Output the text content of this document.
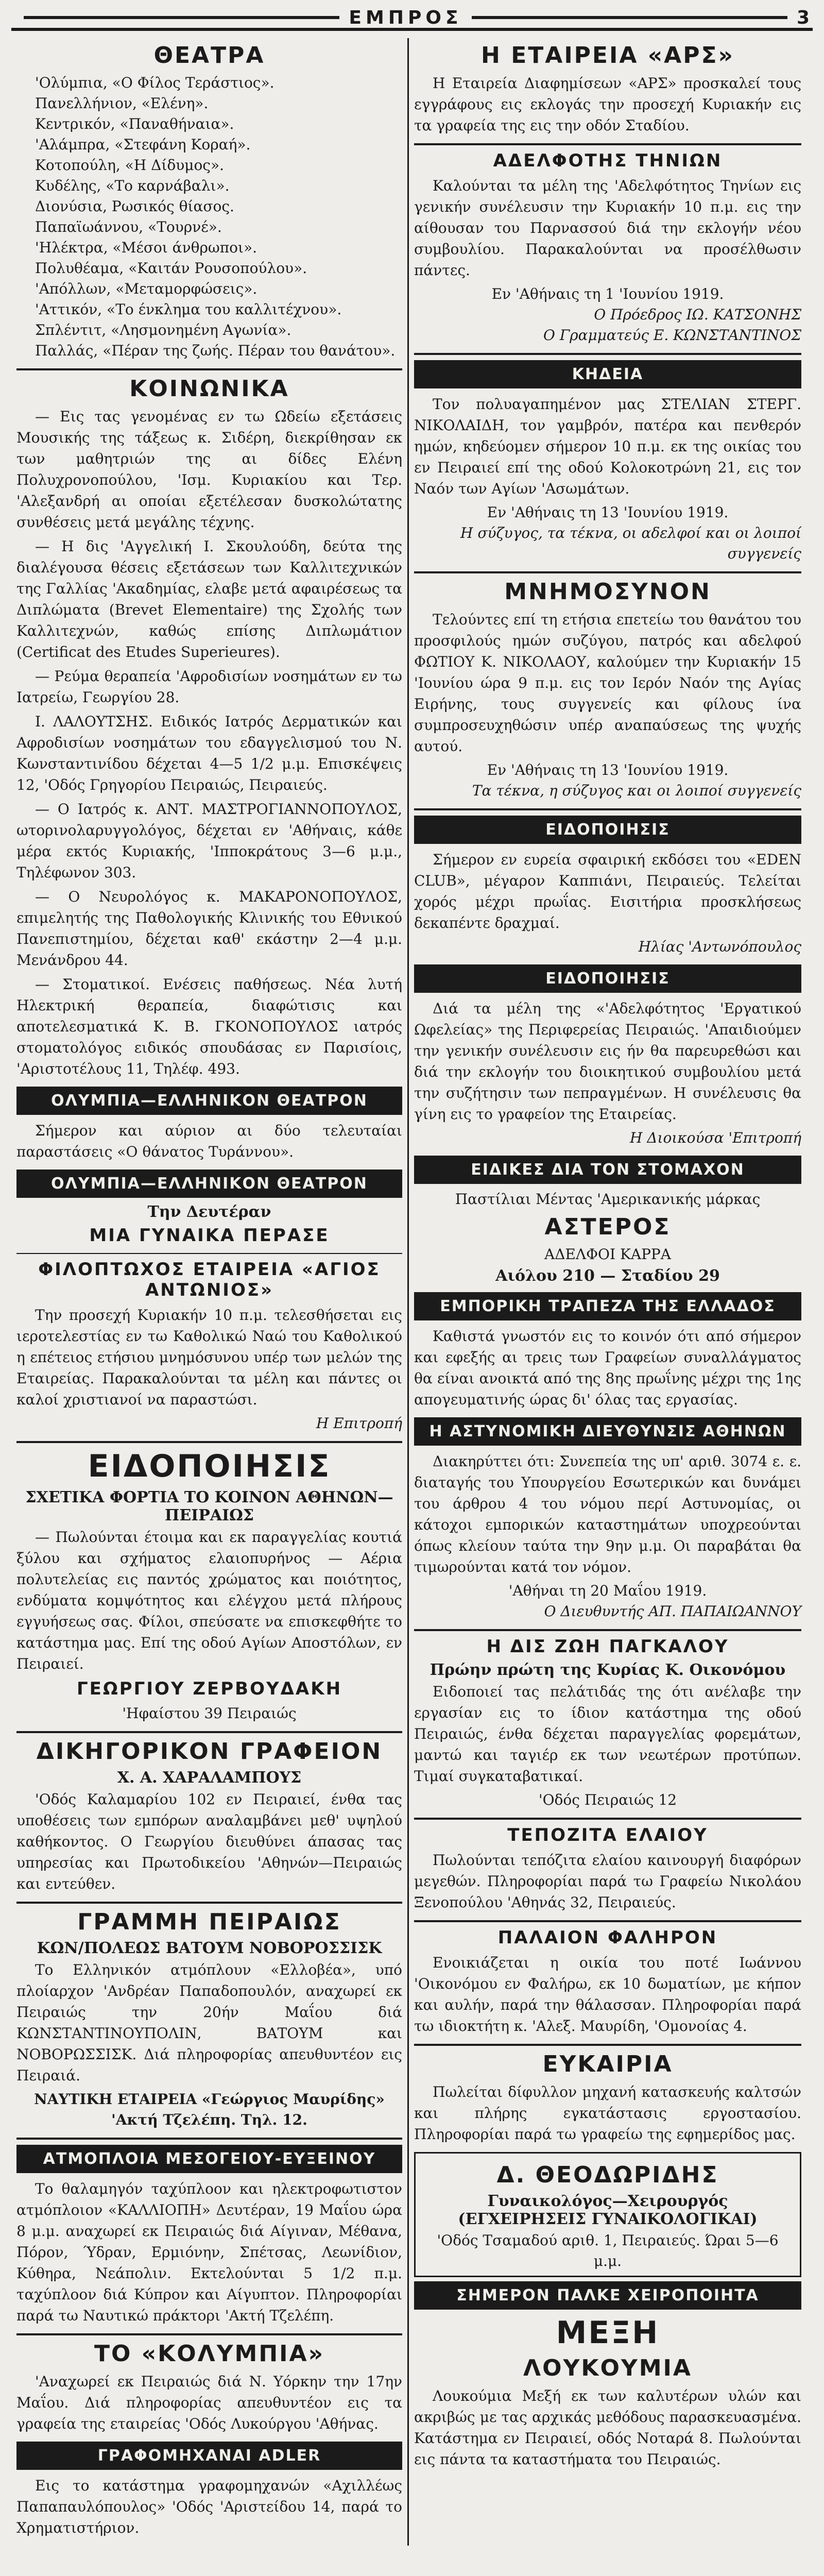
ΕΜΠΡΟΣ	3
ΘΕΑΤΡΑ
'Ολύμπια, «Ο Φίλος Τεράστιος».
Πανελλήνιον, «Ελένη».
Κεντρικόν, «Παναθήναια».
'Αλάμπρα, «Στεφάνη Κοραή».
Κοτοπούλη, «Η Δίδυμος».
Κυδέλης, «Το καρνάβαλι».
Διονύσια, Ρωσικός θίασος.
Παπαϊωάννου, «Τουρνέ».
'Ηλέκτρα, «Μέσοι άνθρωποι».
Πολυθέαμα, «Καιτάν Ρουσοπούλου».
'Απόλλων, «Μεταμορφώσεις».
'Αττικόν, «Το ένκλημα του καλλιτέχνου».
Σπλέντιτ, «Λησμονημένη Αγωνία».
Παλλάς, «Πέραν της ζωής. Πέραν του θανάτου».
ΚΟΙΝΩΝΙΚΑ

— Εις τας γενομένας εν τω Ωδείω εξετάσεις Μουσικής της τάξεως κ. Σιδέρη, διεκρίθησαν εκ των μαθητριών της αι δίδες Ελένη Πολυχρονοπούλου, 'Ισμ. Κυριακίου και Τερ. 'Αλεξανδρή αι οποίαι εξετέλεσαν δυσκολώτατης συνθέσεις μετά μεγάλης τέχνης.

— Η δις 'Αγγελική Ι. Σκουλούδη, δεύτα της διαλέγουσα θέσεις εξετάσεων των Καλλιτεχνικών της Γαλλίας 'Ακαδημίας, ελαβε μετά αφαιρέσεως τα Διπλώματα (Brevet Elementaire) της Σχολής των Καλλιτεχνών, καθώς επίσης Διπλωμάτιον (Certificat des Etudes Superieures).

— Ρεύμα θεραπεία 'Αφροδισίων νοσημάτων εν τω Ιατρείω, Γεωργίου 28.

Ι. ΛΑΛΟΥΤΣΗΣ. Ειδικός Ιατρός Δερματικών και Αφροδισίων νοσημάτων του εδαγγελισμού του Ν. Κωνσταντινίδου δέχεται 4—5 1/2 μ.μ. Επισκέψεις 12, 'Οδός Γρηγορίου Πειραιώς, Πειραιεύς.

— Ο Ιατρός κ. ΑΝΤ. ΜΑΣΤΡΟΓΙΑΝΝΟΠΟΥΛΟΣ, ωτορινολαρυγγολόγος, δέχεται εν 'Αθήναις, κάθε μέρα εκτός Κυριακής, 'Ιπποκράτους 3—6 μ.μ., Τηλέφωνον 303.

— Ο Νευρολόγος κ. ΜΑΚΑΡΟΝΟΠΟΥΛΟΣ, επιμελητής της Παθολογικής Κλινικής του Εθνικού Πανεπιστημίου, δέχεται καθ' εκάστην 2—4 μ.μ. Μενάνδρου 44.

— Στοματικοί. Ενέσεις παθήσεως. Νέα λυτή Ηλεκτρική θεραπεία, διαφώτισις και αποτελεσματικά Κ. Β. ΓΚΟΝΟΠΟΥΛΟΣ ιατρός στοματολόγος ειδικός σπουδάσας εν Παρισίοις, 'Αριστοτέλους 11, Τηλέφ. 493.

ΟΛΥΜΠΙΑ—ΕΛΛΗΝΙΚΟΝ ΘΕΑΤΡΟΝ

Σήμερον και αύριον αι δύο τελευταίαι παραστάσεις «Ο θάνατος Τυράννου».

ΟΛΥΜΠΙΑ—ΕΛΛΗΝΙΚΟΝ ΘΕΑΤΡΟΝ
Την Δευτέραν
ΜΙΑ ΓΥΝΑΙΚΑ ΠΕΡΑΣΕ
ΦΙΛΟΠΤΩΧΟΣ ΕΤΑΙΡΕΙΑ «ΑΓΙΟΣ ΑΝΤΩΝΙΟΣ»

Την προσεχή Κυριακήν 10 π.μ. τελεσθήσεται εις ιεροτελεστίας εν τω Καθολικώ Ναώ του Καθολικού η επέτειος ετήσιου μνημόσυνου υπέρ των μελών της Εταιρείας. Παρακαλούνται τα μέλη και πάντες οι καλοί χριστιανοί να παραστώσι.

Η Επιτροπή
ΕΙΔΟΠΟΙΗΣΙΣ
ΣΧΕΤΙΚΑ ΦΟΡΤΙΑ ΤΟ ΚΟΙΝΟΝ ΑΘΗΝΩΝ—ΠΕΙΡΑΙΩΣ

— Πωλούνται έτοιμα και εκ παραγγελίας κουτιά ξύλου και σχήματος ελαιοπυρήνος — Αέρια πολυτελείας εις παντός χρώματος και ποιότητος, ενδύματα κομψότητος και ελέγχου μετά πλήρους εγγυήσεως σας. Φίλοι, σπεύσατε να επισκεφθήτε το κατάστημα μας. Επί της οδού Αγίων Αποστόλων, εν Πειραιεί.

ΓΕΩΡΓΙΟΥ ΖΕΡΒΟΥΔΑΚΗ
'Ηφαίστου 39 Πειραιώς
ΔΙΚΗΓΟΡΙΚΟΝ ΓΡΑΦΕΙΟΝ
Χ. Α. ΧΑΡΑΛΑΜΠΟΥΣ

'Οδός Καλαμαρίου 102 εν Πειραιεί, ένθα τας υποθέσεις των εμπόρων αναλαμβάνει μεθ' υψηλού καθήκοντος. Ο Γεωργίου διευθύνει άπασας τας υπηρεσίας και Πρωτοδικείου 'Αθηνών—Πειραιώς και εντεύθεν.

ΓΡΑΜΜΗ ΠΕΙΡΑΙΩΣ
ΚΩΝ/ΠΟΛΕΩΣ ΒΑΤΟΥΜ ΝΟΒΟΡΟΣΣΙΣΚ

Το Ελληνικόν ατμόπλουν «Ελλοβέα», υπό πλοίαρχον 'Ανδρέαν Παπαδοπουλόν, αναχωρεί εκ Πειραιώς την 20ήν Μαΐου διά ΚΩΝΣΤΑΝΤΙΝΟΥΠΟΛΙΝ, ΒΑΤΟΥΜ και ΝΟΒΟΡΩΣΣΙΣΚ. Διά πληροφορίας απευθυντέον εις Πειραιά.

ΝΑΥΤΙΚΗ ΕΤΑΙΡΕΙΑ «Γεώργιος Μαυρίδης» 'Ακτή Τζελέπη. Τηλ. 12.
ΑΤΜΟΠΛΟΙΑ ΜΕΣΟΓΕΙΟΥ-ΕΥΞΕΙΝΟΥ

Το θαλαμηγόν ταχύπλοον και ηλεκτροφωτιστον ατμόπλοιον «ΚΑΛΛΙΟΠΗ» Δευτέραν, 19 Μαΐου ώρα 8 μ.μ. αναχωρεί εκ Πειραιώς διά Αίγιναν, Μέθανα, Πόρον, Ύδραν, Ερμιόνην, Σπέτσας, Λεωνίδιον, Κύθηρα, Νεάπολιν. Εκτελούνται 5 1/2 π.μ. ταχύπλοον διά Κύπρον και Αίγυπτον. Πληροφορίαι παρά τω Ναυτικώ πράκτορι 'Ακτή Τζελέπη.

ΤΟ «ΚΟΛΥΜΠΙΑ»

'Αναχωρεί εκ Πειραιώς διά Ν. Υόρκην την 17ην Μαΐου. Διά πληροφορίας απευθυντέον εις τα γραφεία της εταιρείας 'Οδός Λυκούργου 'Αθήνας.

ΓΡΑΦΟΜΗΧΑΝΑΙ ADLER

Εις το κατάστημα γραφομηχανών «Αχιλλέως Παπαπαυλόπουλος» 'Οδός 'Αριστείδου 14, παρά το Χρηματιστήριον.

Η ΕΤΑΙΡΕΙΑ «ΑΡΣ»

Η Εταιρεία Διαφημίσεων «ΑΡΣ» προσκαλεί τους εγγράφους εις εκλογάς την προσεχή Κυριακήν εις τα γραφεία της εις την οδόν Σταδίου.

ΑΔΕΛΦΟΤΗΣ ΤΗΝΙΩΝ

Καλούνται τα μέλη της 'Αδελφότητος Τηνίων εις γενικήν συνέλευσιν την Κυριακήν 10 π.μ. εις την αίθουσαν του Παρνασσού διά την εκλογήν νέου συμβουλίου. Παρακαλούνται να προσέλθωσιν πάντες.

Εν 'Αθήναις τη 1 'Ιουνίου 1919.
Ο Πρόεδρος ΙΩ. ΚΑΤΣΟΝΗΣ
Ο Γραμματεύς Ε. ΚΩΝΣΤΑΝΤΙΝΟΣ
ΚΗΔΕΙΑ

Τον πολυαγαπημένον μας ΣΤΕΛΙΑΝ ΣΤΕΡΓ. ΝΙΚΟΛΑΙΔΗ, τον γαμβρόν, πατέρα και πενθερόν ημών, κηδεύομεν σήμερον 10 π.μ. εκ της οικίας του εν Πειραιεί επί της οδού Κολοκοτρώνη 21, εις τον Ναόν των Αγίων 'Ασωμάτων.

Εν 'Αθήναις τη 13 'Ιουνίου 1919.
Η σύζυγος, τα τέκνα, οι αδελφοί και οι λοιποί συγγενείς
ΜΝΗΜΟΣΥΝΟΝ

Τελούντες επί τη ετήσια επετείω του θανάτου του προσφιλούς ημών συζύγου, πατρός και αδελφού ΦΩΤΙΟΥ Κ. ΝΙΚΟΛΑΟΥ, καλούμεν την Κυριακήν 15 'Ιουνίου ώρα 9 π.μ. εις τον Ιερόν Ναόν της Αγίας Ειρήνης, τους συγγενείς και φίλους ίνα συμπροσευχηθώσιν υπέρ αναπαύσεως της ψυχής αυτού.

Εν 'Αθήναις τη 13 'Ιουνίου 1919.
Τα τέκνα, η σύζυγος και οι λοιποί συγγενείς
ΕΙΔΟΠΟΙΗΣΙΣ

Σήμερον εν ευρεία σφαιρική εκδόσει του «EDEN CLUB», μέγαρον Καππιάνι, Πειραιεύς. Τελείται χορός μέχρι πρωΐας. Εισιτήρια προσκλήσεως δεκαπέντε δραχμαί.

Ηλίας 'Αντωνόπουλος
ΕΙΔΟΠΟΙΗΣΙΣ

Διά τα μέλη της «'Αδελφότητος 'Εργατικού Ωφελείας» της Περιφερείας Πειραιώς. 'Απαιδιούμεν την γενικήν συνέλευσιν εις ήν θα παρευρεθώσι και διά την εκλογήν του διοικητικού συμβουλίου μετά την συζήτησιν των πεπραγμένων. Η συνέλευσις θα γίνη εις το γραφείον της Εταιρείας.

Η Διοικούσα 'Επιτροπή
ΕΙΔΙΚΕΣ ΔΙΑ ΤΟΝ ΣΤΟΜΑΧΟΝ
Παστίλιαι Μέντας 'Αμερικανικής μάρκας
ΑΣΤΕΡΟΣ
ΑΔΕΛΦΟΙ ΚΑΡΡΑ
Αιόλου 210 — Σταδίου 29
ΕΜΠΟΡΙΚΗ ΤΡΑΠΕΖΑ ΤΗΣ ΕΛΛΑΔΟΣ

Καθιστά γνωστόν εις το κοινόν ότι από σήμερον και εφεξής αι τρεις των Γραφείων συναλλάγματος θα είναι ανοικτά από της 8ης πρωΐνης μέχρι της 1ης απογευματινής ώρας δι' όλας τας εργασίας.

Η ΑΣΤΥΝΟΜΙΚΗ ΔΙΕΥΘΥΝΣΙΣ ΑΘΗΝΩΝ

Διακηρύττει ότι: Συνεπεία της υπ' αριθ. 3074 ε. ε. διαταγής του Υπουργείου Εσωτερικών και δυνάμει του άρθρου 4 του νόμου περί Αστυνομίας, οι κάτοχοι εμπορικών καταστημάτων υποχρεούνται όπως κλείουν ταύτα την 9ην μ.μ. Οι παραβάται θα τιμωρούνται κατά τον νόμον.

'Αθήναι τη 20 Μαΐου 1919.
Ο Διευθυντής ΑΠ. ΠΑΠΑΙΩΑΝΝΟΥ
Η ΔΙΣ ΖΩΗ ΠΑΓΚΑΛΟΥ
Πρώην πρώτη της Κυρίας Κ. Οικονόμου

Ειδοποιεί τας πελάτιδάς της ότι ανέλαβε την εργασίαν εις το ίδιον κατάστημα της οδού Πειραιώς, ένθα δέχεται παραγγελίας φορεμάτων, μαντώ και ταγιέρ εκ των νεωτέρων προτύπων. Τιμαί συγκαταβατικαί.

'Οδός Πειραιώς 12
ΤΕΠΟΖΙΤΑ ΕΛΑΙΟΥ

Πωλούνται τεπόζιτα ελαίου καινουργή διαφόρων μεγεθών. Πληροφορίαι παρά τω Γραφείω Νικολάου Ξενοπούλου 'Αθηνάς 32, Πειραιεύς.

ΠΑΛΑΙΟΝ ΦΑΛΗΡΟΝ

Ενοικιάζεται η οικία του ποτέ Ιωάννου 'Οικονόμου εν Φαλήρω, εκ 10 δωματίων, με κήπον και αυλήν, παρά την θάλασσαν. Πληροφορίαι παρά τω ιδιοκτήτη κ. 'Αλεξ. Μαυρίδη, 'Ομονοίας 4.

ΕΥΚΑΙΡΙΑ

Πωλείται δίφυλλον μηχανή κατασκευής καλτσών και πλήρης εγκατάστασις εργοστασίου. Πληροφορίαι παρά τω γραφείω της εφημερίδος μας.

Δ. ΘΕΟΔΩΡΙΔΗΣ
Γυναικολόγος—Χειρουργός (ΕΓΧΕΙΡΗΣΕΙΣ ΓΥΝΑΙΚΟΛΟΓΙΚΑΙ)
'Οδός Τσαμαδού αριθ. 1, Πειραιεύς. Ώραι 5—6 μ.μ.
ΣΗΜΕΡΟΝ ΠΑΛΚΕ ΧΕΙΡΟΠΟΙΗΤΑ
ΜΕΞΗ
ΛΟΥΚΟΥΜΙΑ

Λουκούμια Μεξή εκ των καλυτέρων υλών και ακριβώς με τας αρχικάς μεθόδους παρασκευασμένα. Κατάστημα εν Πειραιεί, οδός Νοταρά 8. Πωλούνται εις πάντα τα καταστήματα του Πειραιώς.
